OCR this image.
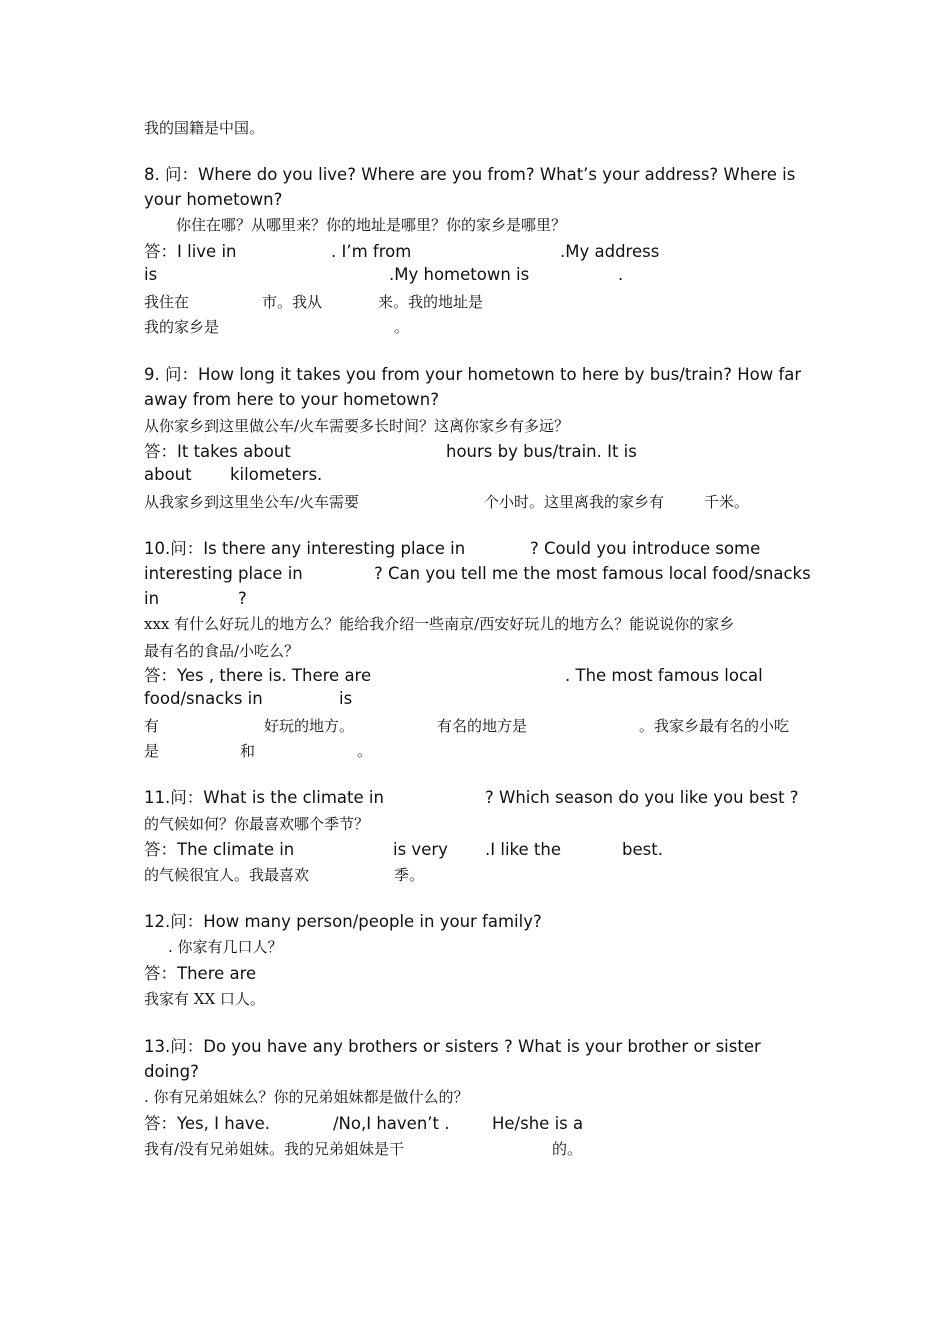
我的国籍是中国。
8. 问：Where do you live? Where are you from? What’s your address? Where is
your hometown?
你住在哪？从哪里来？你的地址是哪里？你的家乡是哪里？
答：I live in	. I’m from	.My address
is	.My hometown is	.
我住在	市。我从	来。我的地址是
我的家乡是	。
9. 问：How long it takes you from your hometown to here by bus/train? How far
away from here to your hometown?
从你家乡到这里做公车/火车需要多长时间？这离你家乡有多远？
答：It takes about	hours by bus/train. It is
about kilometers.
从我家乡到这里坐公车/火车需要	个小时。这里离我的家乡有	千米。
10.问：Is there any interesting place in	? Could you introduce some
interesting place in	? Can you tell me the most famous local food/snacks
in	?
xxx 有什么好玩儿的地方么？能给我介绍一些南京/西安好玩儿的地方么？能说说你的家乡
最有名的食品/小吃么？
答：Yes , there is. There are	. The most famous local
food/snacks in	is
有	好玩的地方。	有名的地方是	。我家乡最有名的小吃
是	和	。
11.问：What is the climate in	? Which season do you like you best ?
的气候如何？你最喜欢哪个季节？
答：The climate in	is very .I like the	best.
的气候很宜人。我最喜欢	季。
12.问：How many person/people in your family?
. 你家有几口人？
答：There are
我家有 XX 口人。
13.问：Do you have any brothers or sisters ? What is your brother or sister
doing?
. 你有兄弟姐妹么？你的兄弟姐妹都是做什么的？
答：Yes, I have.	/No,I haven’t .	He/she is a
我有/没有兄弟姐妹。我的兄弟姐妹是干	的。
